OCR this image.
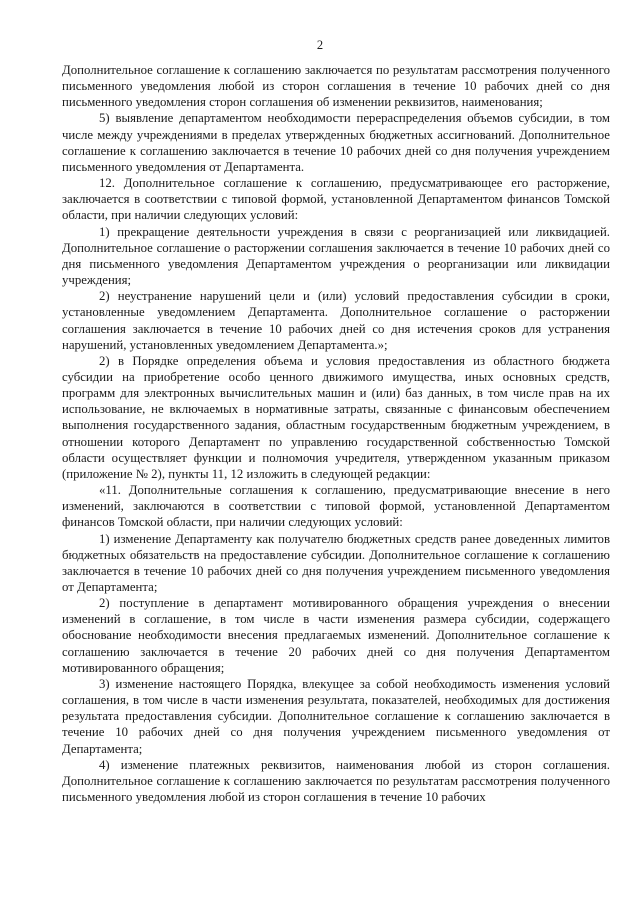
2

Дополнительное соглашение к соглашению заключается по результатам рассмотрения полученного письменного уведомления любой из сторон соглашения в течение 10 рабочих дней со дня письменного уведомления сторон соглашения об изменении реквизитов, наименования;

5) выявление департаментом необходимости перераспределения объемов субсидии, в том числе между учреждениями в пределах утвержденных бюджетных ассигнований. Дополнительное соглашение к соглашению заключается в течение 10 рабочих дней со дня получения учреждением письменного уведомления от Департамента.

12. Дополнительное соглашение к соглашению, предусматривающее его расторжение, заключается в соответствии с типовой формой, установленной Департаментом финансов Томской области, при наличии следующих условий:

1) прекращение деятельности учреждения в связи с реорганизацией или ликвидацией. Дополнительное соглашение о расторжении соглашения заключается в течение 10 рабочих дней со дня письменного уведомления Департаментом учреждения о реорганизации или ликвидации учреждения;

2) неустранение нарушений цели и (или) условий предоставления субсидии в сроки, установленные уведомлением Департамента. Дополнительное соглашение о расторжении соглашения заключается в течение 10 рабочих дней со дня истечения сроков для устранения нарушений, установленных уведомлением Департамента.»;

2) в Порядке определения объема и условия предоставления из областного бюджета субсидии на приобретение особо ценного движимого имущества, иных основных средств, программ для электронных вычислительных машин и (или) баз данных, в том числе прав на их использование, не включаемых в нормативные затраты, связанные с финансовым обеспечением выполнения государственного задания, областным государственным бюджетным учреждением, в отношении которого Департамент по управлению государственной собственностью Томской области осуществляет функции и полномочия учредителя, утвержденном указанным приказом (приложение № 2), пункты 11, 12 изложить в следующей редакции:

«11. Дополнительные соглашения к соглашению, предусматривающие внесение в него изменений, заключаются в соответствии с типовой формой, установленной Департаментом финансов Томской области, при наличии следующих условий:

1) изменение Департаменту как получателю бюджетных средств ранее доведенных лимитов бюджетных обязательств на предоставление субсидии. Дополнительное соглашение к соглашению заключается в течение 10 рабочих дней со дня получения учреждением письменного уведомления от Департамента;

2) поступление в департамент мотивированного обращения учреждения о внесении изменений в соглашение, в том числе в части изменения размера субсидии, содержащего обоснование необходимости внесения предлагаемых изменений. Дополнительное соглашение к соглашению заключается в течение 20 рабочих дней со дня получения Департаментом мотивированного обращения;

3) изменение настоящего Порядка, влекущее за собой необходимость изменения условий соглашения, в том числе в части изменения результата, показателей, необходимых для достижения результата предоставления субсидии. Дополнительное соглашение к соглашению заключается в течение 10 рабочих дней со дня получения учреждением письменного уведомления от Департамента;

4) изменение платежных реквизитов, наименования любой из сторон соглашения. Дополнительное соглашение к соглашению заключается по результатам рассмотрения полученного письменного уведомления любой из сторон соглашения в течение 10 рабочих
